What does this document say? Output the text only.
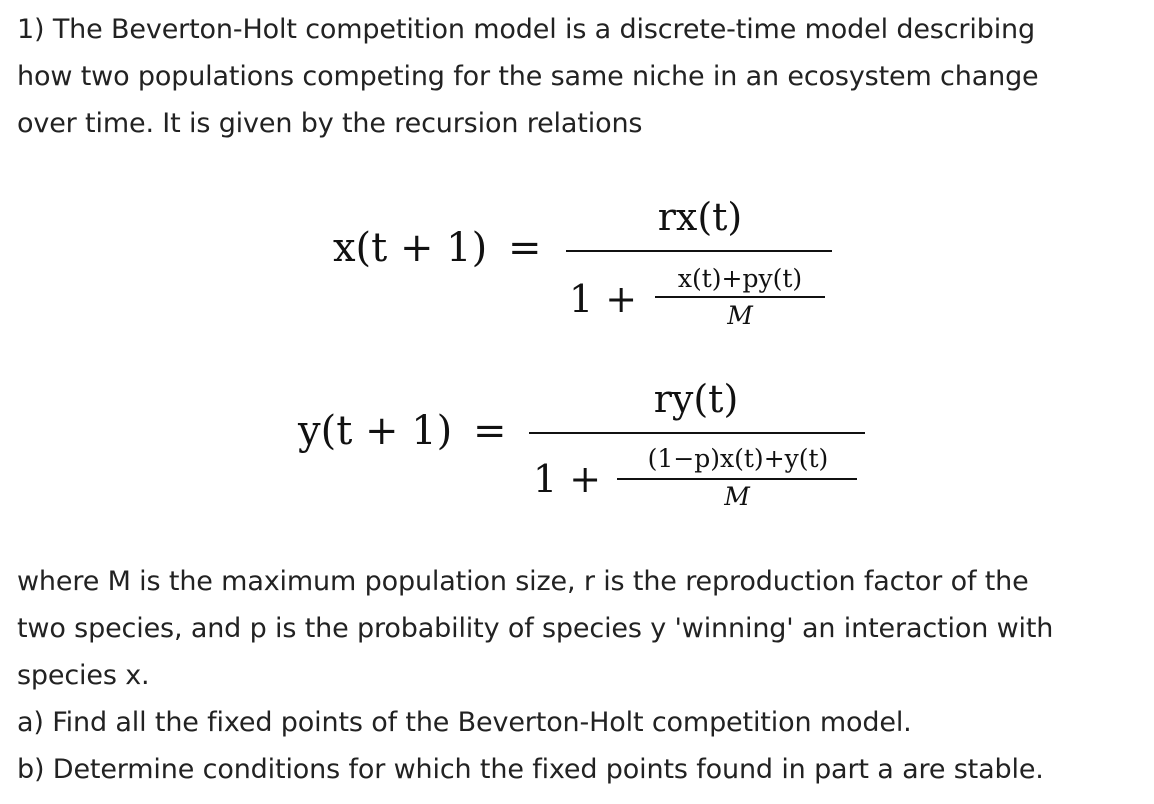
1) The Beverton-Holt competition model is a discrete-time model describing
how two populations competing for the same niche in an ecosystem change
over time. It is given by the recursion relations

x(t + 1) =
rx(t)
1 +	x(t)+py(t)
M
y(t + 1) =
ry(t)
1 +	(1−p)x(t)+y(t)
M

where M is the maximum population size, r is the reproduction factor of the
two species, and p is the probability of species y 'winning' an interaction with
species x.

a) Find all the fixed points of the Beverton-Holt competition model.

b) Determine conditions for which the fixed points found in part a are stable.
